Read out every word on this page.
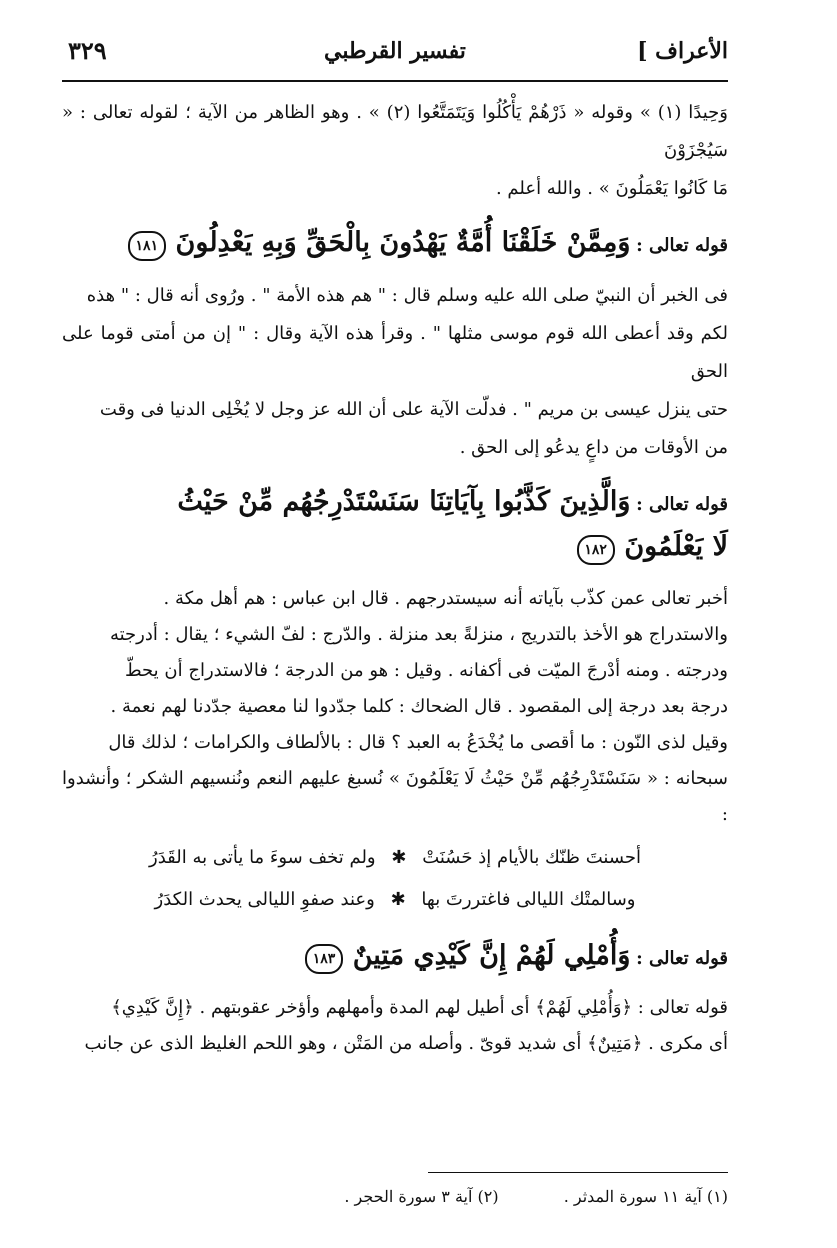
الأعراف ]
تفسير القرطبي
٣٢٩

وَحِيدًا (١) » وقوله « ذَرْهُمْ يَأْكُلُوا وَيَتَمَتَّعُوا (٢) » . وهو الظاهر من الآية ؛ لقوله تعالى : « سَيُجْزَوْنَ

مَا كَانُوا يَعْمَلُونَ » . والله أعلم .

قوله تعالى : وَمِمَّنْ خَلَقْنَا أُمَّةٌ يَهْدُونَ بِالْحَقِّ وَبِهِ يَعْدِلُونَ ١٨١

فى الخبر أن النبيّ صلى الله عليه وسلم قال : " هم هذه الأمة " . ورُوى أنه قال : " هذه

لكم وقد أعطى الله قوم موسى مثلها " . وقرأ هذه الآية وقال : " إن من أمتى قوما على الحق

حتى ينزل عيسى بن مريم " . فدلّت الآية على أن الله عز وجل لا يُخْلِى الدنيا فى وقت

من الأوقات من داعٍ يدعُو إلى الحق .

قوله تعالى : وَالَّذِينَ كَذَّبُوا بِآيَاتِنَا سَنَسْتَدْرِجُهُم مِّنْ حَيْثُ
لَا يَعْلَمُونَ ١٨٢

أخبر تعالى عمن كذّب بآياته أنه سيستدرجهم . قال ابن عباس : هم أهل مكة .

والاستدراج هو الأخذ بالتدريج ، منزلةً بعد منزلة . والدّرج : لفّ الشيء ؛ يقال : أدرجته

ودرجته . ومنه أدْرجَ الميّت فى أكفانه . وقيل : هو من الدرجة ؛ فالاستدراج أن يحطّ

درجة بعد درجة إلى المقصود . قال الضحاك : كلما جدّدوا لنا معصية جدّدنا لهم نعمة .

وقيل لذى النّون : ما أقصى ما يُخْدَعُ به العبد ؟ قال : بالألطاف والكرامات ؛ لذلك قال

سبحانه : « سَنَسْتَدْرِجُهُم مِّنْ حَيْثُ لَا يَعْلَمُونَ » نُسبغ عليهم النعم ونُنسيهم الشكر ؛ وأنشدوا :

أحسنتَ ظنّك بالأيام إذ حَسُنَتْ ✱ ولم تخف سوءَ ما يأتى به القَدَرُ
وسالمتْك الليالى فاغتررتَ بها ✱ وعند صفوِ الليالى يحدث الكدَرُ
قوله تعالى : وَأُمْلِي لَهُمْ إِنَّ كَيْدِي مَتِينٌ ١٨٣

قوله تعالى : ﴿وَأُمْلِي لَهُمْ﴾ أى أطيل لهم المدة وأمهلهم وأؤخر عقوبتهم . ﴿إِنَّ كَيْدِي﴾

أى مكرى . ﴿مَتِينٌ﴾ أى شديد قوىّ . وأصله من المَتْن ، وهو اللحم الغليظ الذى عن جانب

(١) آية ١١ سورة المدثر . (٢) آية ٣ سورة الحجر .
